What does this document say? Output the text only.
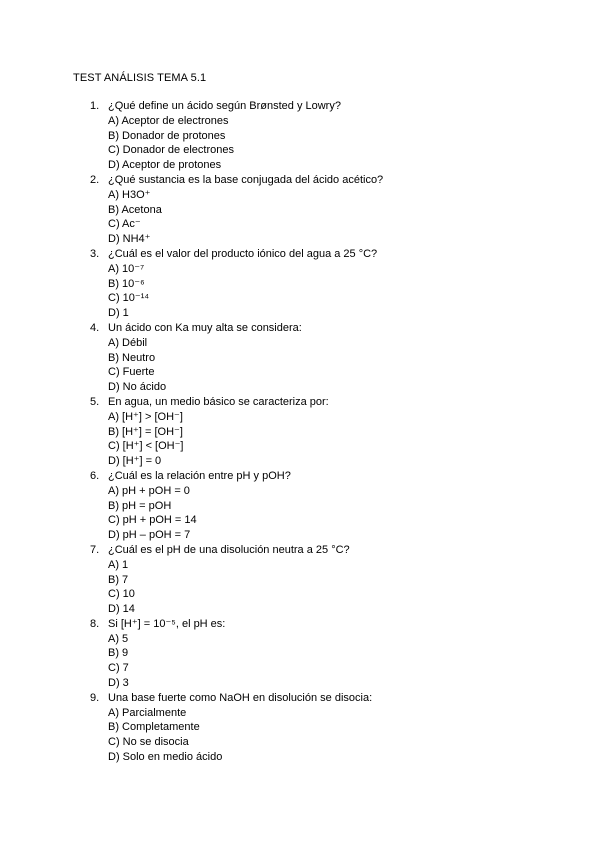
TEST ANÁLISIS TEMA 5.1
1. ¿Qué define un ácido según Brønsted y Lowry?
A) Aceptor de electrones
B) Donador de protones
C) Donador de electrones
D) Aceptor de protones
2. ¿Qué sustancia es la base conjugada del ácido acético?
A) H3O⁺
B) Acetona
C) Ac⁻
D) NH4⁺
3. ¿Cuál es el valor del producto iónico del agua a 25 °C?
A) 10⁻⁷
B) 10⁻⁶
C) 10⁻¹⁴
D) 1
4. Un ácido con Ka muy alta se considera:
A) Débil
B) Neutro
C) Fuerte
D) No ácido
5. En agua, un medio básico se caracteriza por:
A) [H⁺] > [OH⁻]
B) [H⁺] = [OH⁻]
C) [H⁺] < [OH⁻]
D) [H⁺] = 0
6. ¿Cuál es la relación entre pH y pOH?
A) pH + pOH = 0
B) pH = pOH
C) pH + pOH = 14
D) pH – pOH = 7
7. ¿Cuál es el pH de una disolución neutra a 25 °C?
A) 1
B) 7
C) 10
D) 14
8. Si [H⁺] = 10⁻⁵, el pH es:
A) 5
B) 9
C) 7
D) 3
9. Una base fuerte como NaOH en disolución se disocia:
A) Parcialmente
B) Completamente
C) No se disocia
D) Solo en medio ácido
